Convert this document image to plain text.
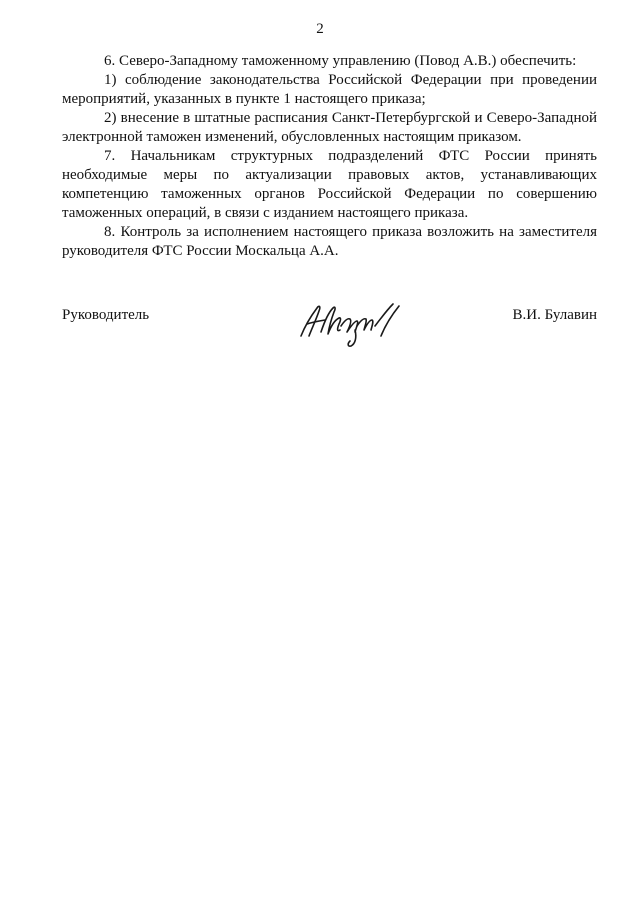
2

6. Северо-Западному таможенному управлению (Повод А.В.) обеспечить:

1) соблюдение законодательства Российской Федерации при проведении мероприятий, указанных в пункте 1 настоящего приказа;

2) внесение в штатные расписания Санкт-Петербургской и Северо-Западной электронной таможен изменений, обусловленных настоящим приказом.

7. Начальникам структурных подразделений ФТС России принять необходимые меры по актуализации правовых актов, устанавливающих компетенцию таможенных органов Российской Федерации по совершению таможенных операций, в связи с изданием настоящего приказа.

8. Контроль за исполнением настоящего приказа возложить на заместителя руководителя ФТС России Москальца А.А.

Руководитель	В.И. Булавин
